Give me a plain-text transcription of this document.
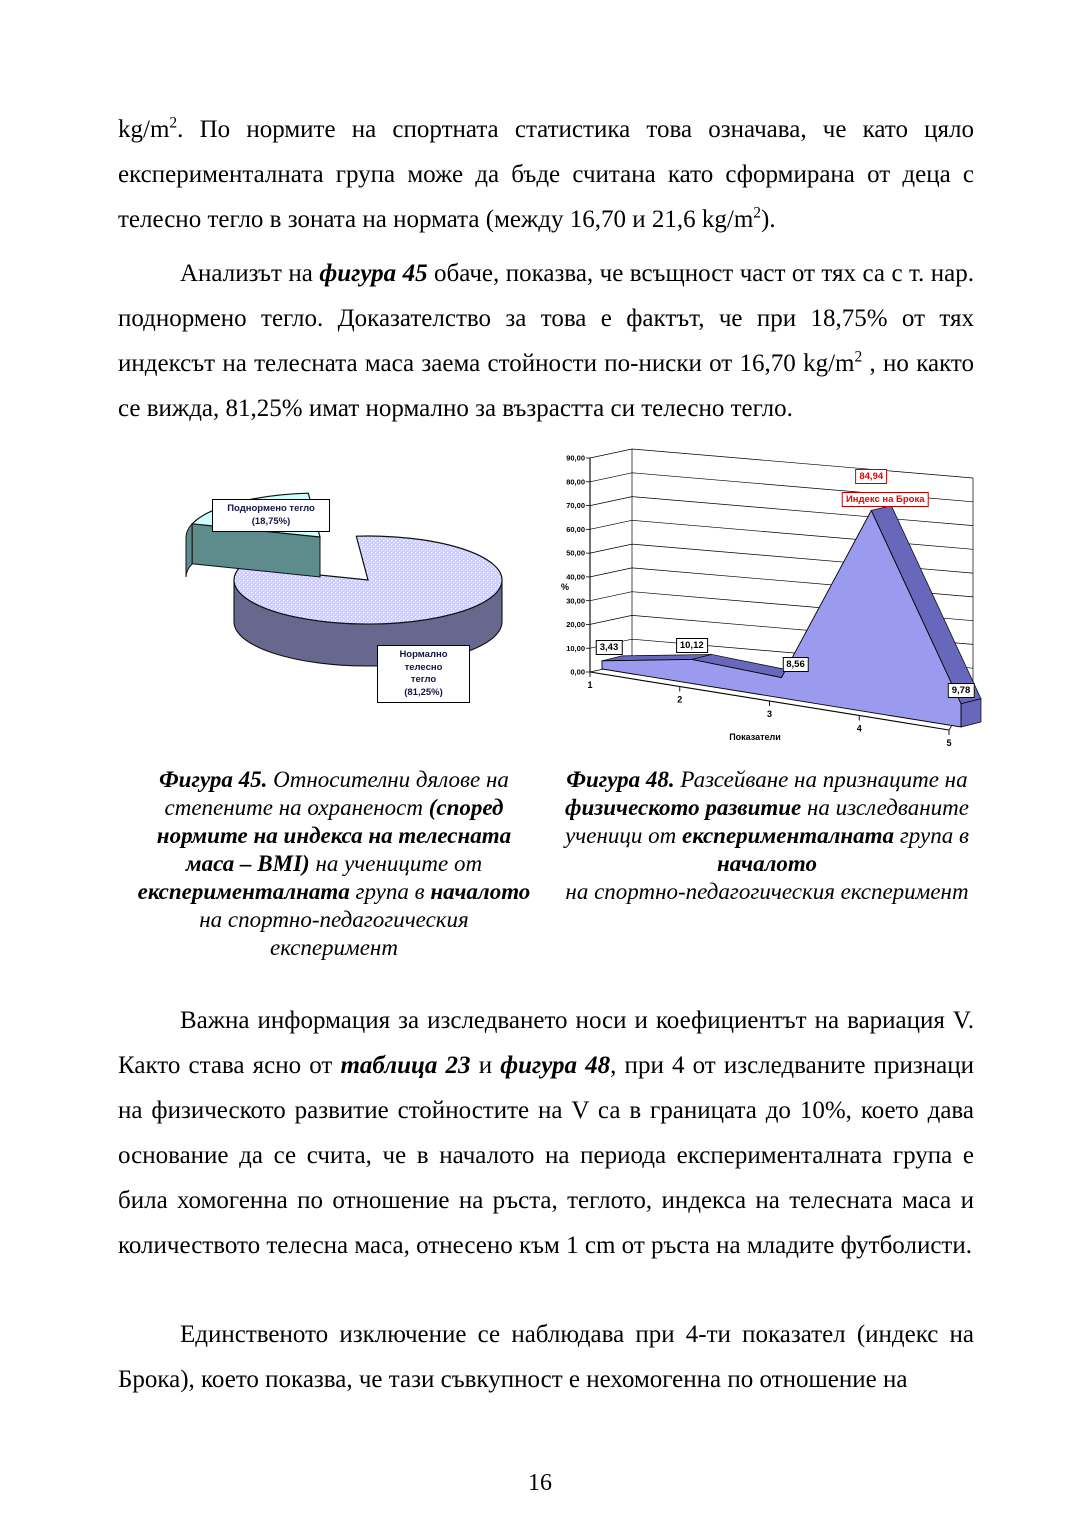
$kg/m^2$. По нормите на спортната статистика това означава, че като цяло експерименталната група може да бъде считана като сформирана от деца с телесно тегло в зоната на нормата (между 16,70 и 21,6 $kg/m^2$).

Анализът на фигура 45 обаче, показва, че всъщност част от тях са с т. нар. поднормено тегло. Доказателство за това е фактът, че при 18,75% от тях индексът на телесната маса заема стойности по-ниски от 16,70 $kg/m^2$ , но както се вижда, 81,25% имат нормално за възрастта си телесно тегло.

Поднормено тегло
(18,75%)
Нормално телесно
тегло
(81,25%)
0,00
10,00
20,00
30,00
40,00
50,00
60,00
70,00
80,00
90,00
1
2
3
4
5
%
Показатели
3,43	10,12
8,56
84,94
9,78
Индекс на Брока
Фигура 45. Относителни дялове на
степените на охраненост (според
нормите на индекса на телесната
маса – BMI) на учениците от
експерименталната група в началото
на спортно-педагогическия
експеримент
Фигура 48. Разсейване на признаците на
физическото развитие на изследваните
ученици от експерименталната група в
началото
на спортно-педагогическия експеримент

Важна информация за изследването носи и коефициентът на вариация V. Както става ясно от таблица 23 и фигура 48, при 4 от изследваните признаци на физическото развитие стойностите на V са в границата до 10%, което дава основание да се счита, че в началото на периода експерименталната група е била хомогенна по отношение на ръста, теглото, индекса на телесната маса и количеството телесна маса, отнесено към 1 cm от ръста на младите футболисти.

Единственото изключение се наблюдава при 4-ти показател (индекс на Брока), което показва, че тази съвкупност е нехомогенна по отношение на

16
